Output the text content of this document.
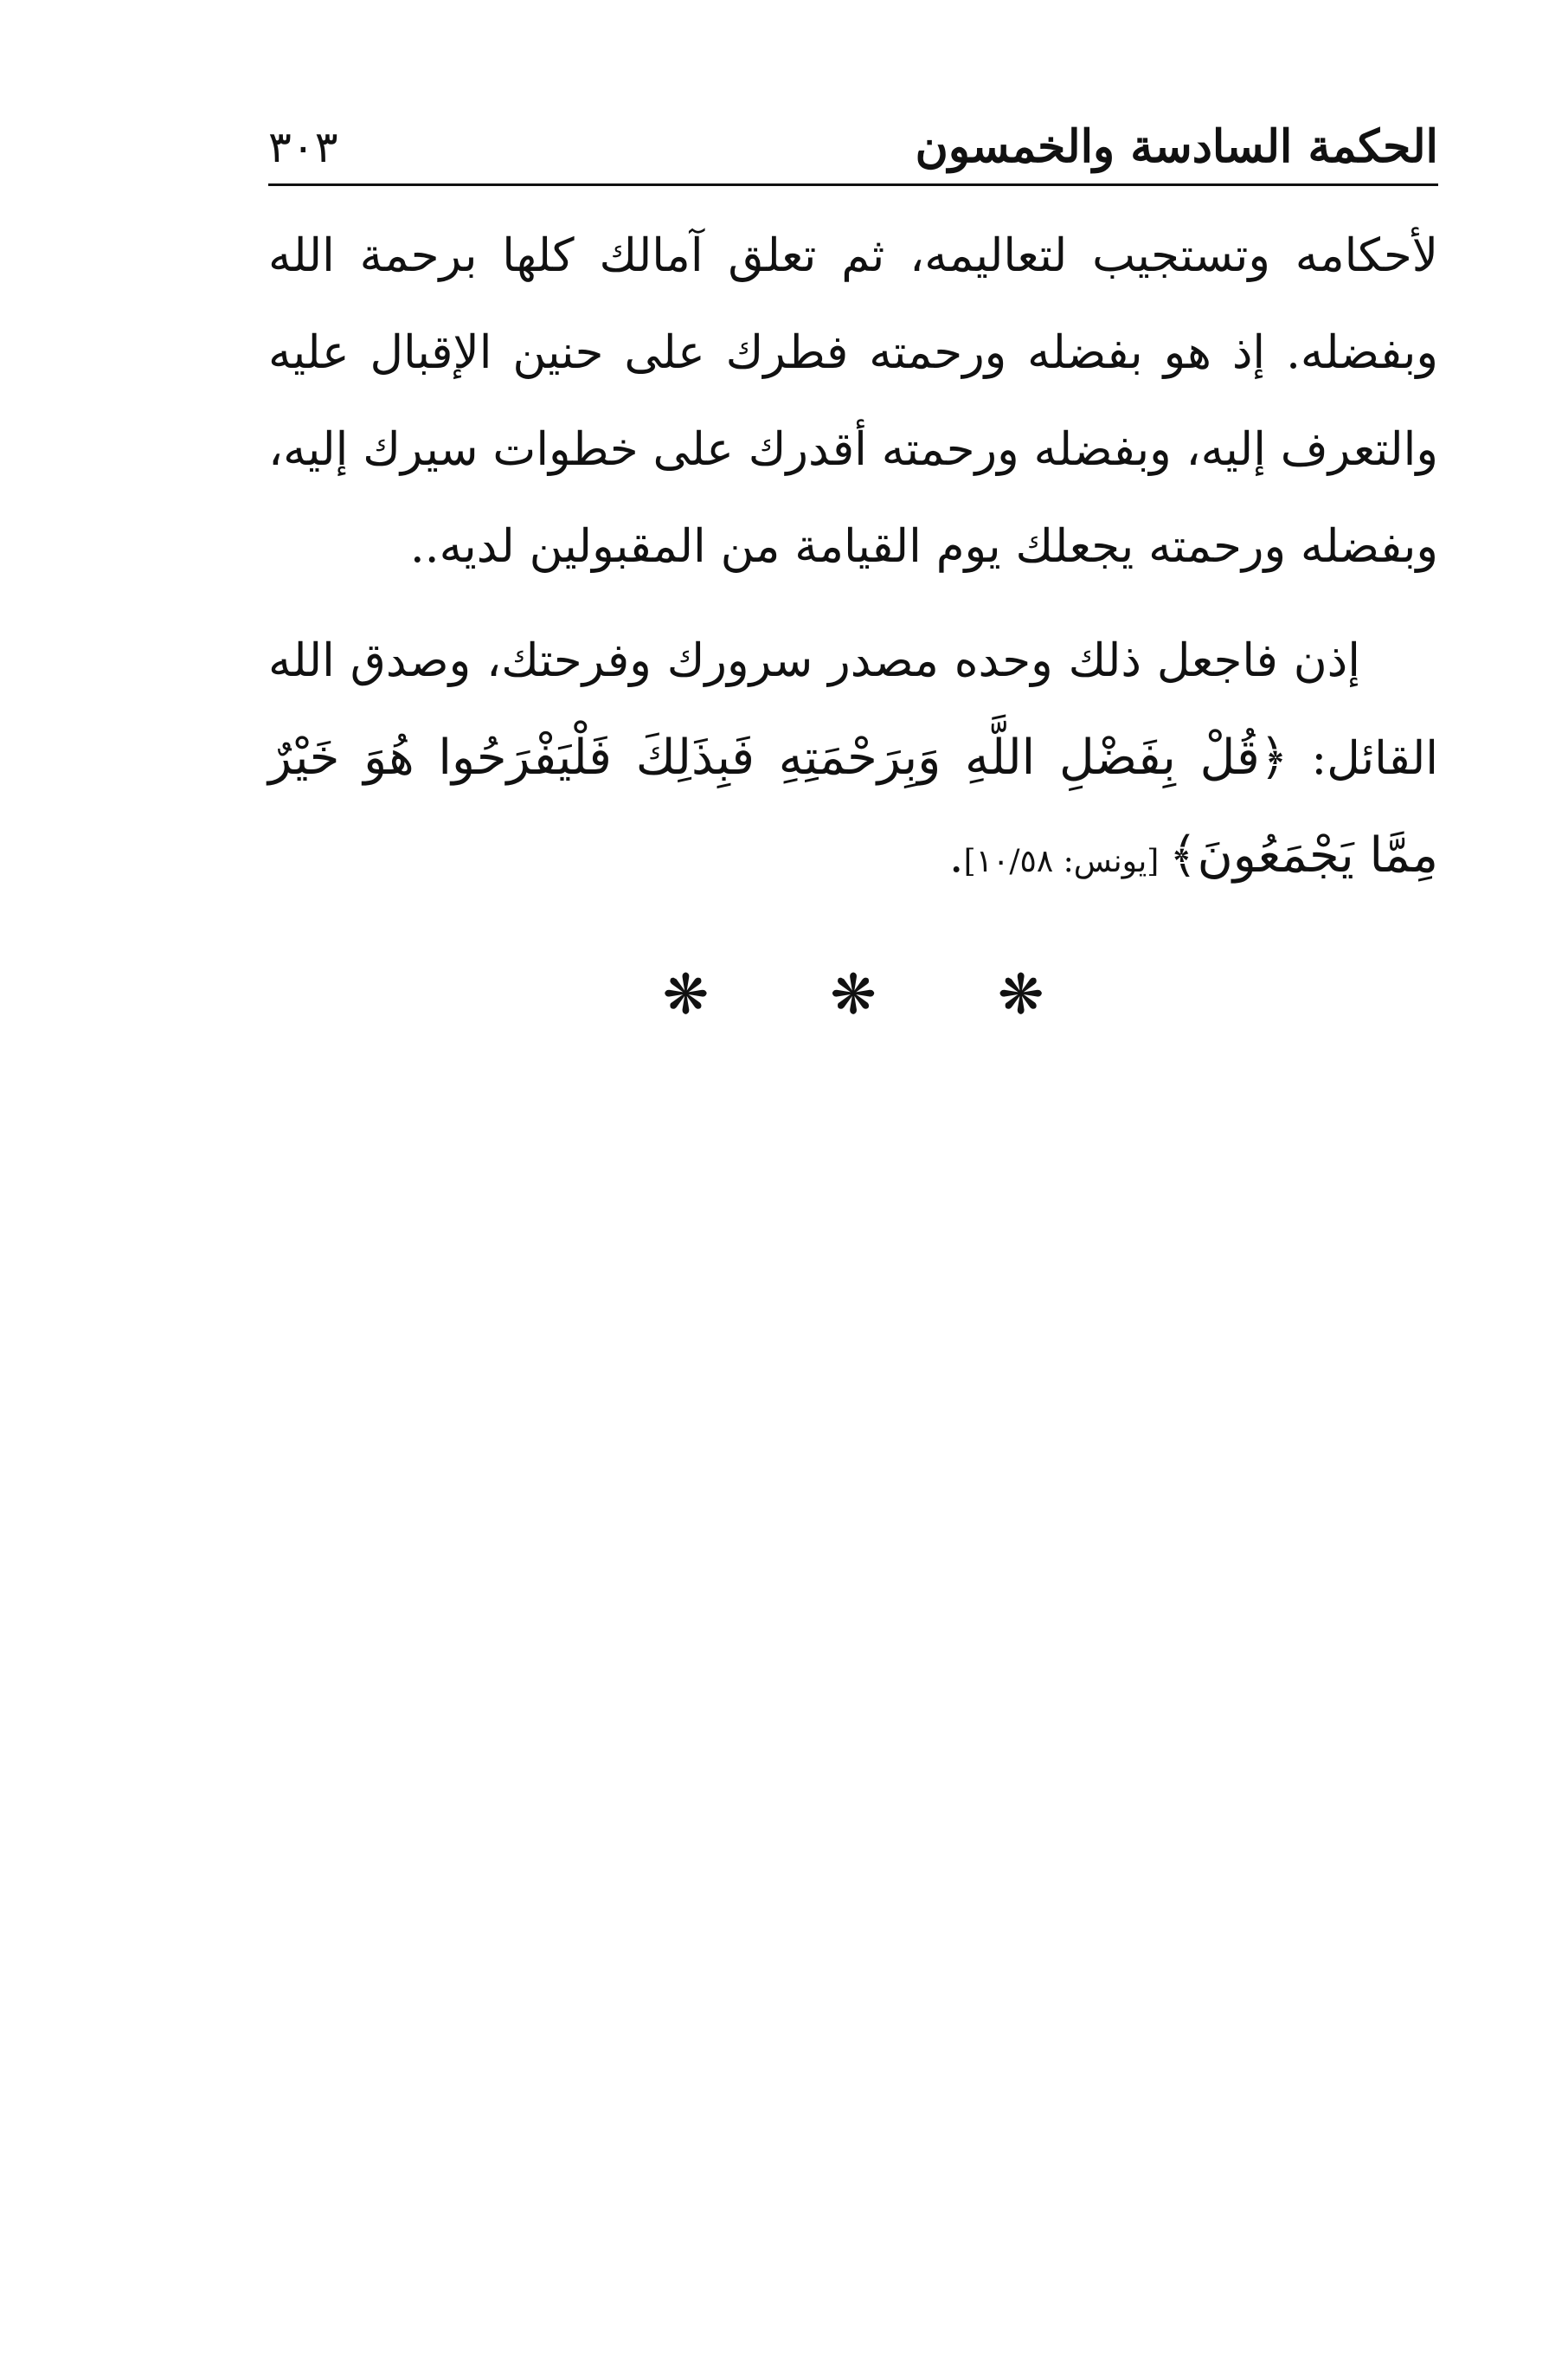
الحكمة السادسة والخمسون
٣٠٣

لأحكامه وتستجيب لتعاليمه، ثم تعلق آمالك كلها برحمة الله وبفضله. إذ هو بفضله ورحمته فطرك على حنين الإقبال عليه والتعرف إليه، وبفضله ورحمته أقدرك على خطوات سيرك إليه، وبفضله ورحمته يجعلك يوم القيامة من المقبولين لديه..

إذن فاجعل ذلك وحده مصدر سرورك وفرحتك، وصدق الله القائل: ﴿قُلْ بِفَضْلِ اللَّهِ وَبِرَحْمَتِهِ فَبِذَلِكَ فَلْيَفْرَحُوا هُوَ خَيْرٌ مِمَّا يَجْمَعُونَ﴾ [يونس: ١٠/٥٨].

❋ ❋ ❋
